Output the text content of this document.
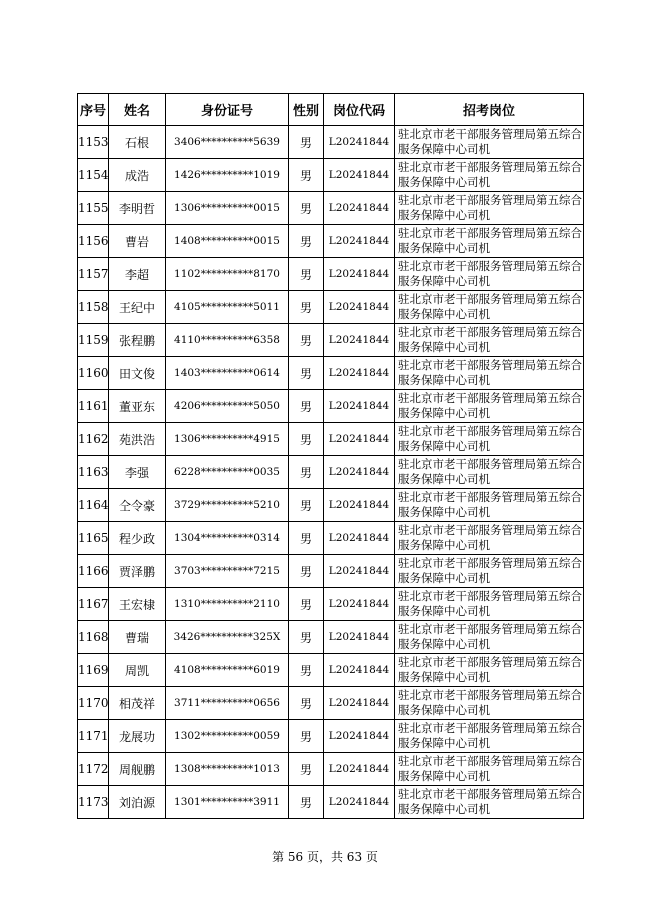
序号	姓名	身份证号	性别	岗位代码	招考岗位
1153	石根	3406**********5639	男	L20241844	驻北京市老干部服务管理局第五综合服务保障中心司机
1154	成浩	1426**********1019	男	L20241844	驻北京市老干部服务管理局第五综合服务保障中心司机
1155	李明哲	1306**********0015	男	L20241844	驻北京市老干部服务管理局第五综合服务保障中心司机
1156	曹岩	1408**********0015	男	L20241844	驻北京市老干部服务管理局第五综合服务保障中心司机
1157	李超	1102**********8170	男	L20241844	驻北京市老干部服务管理局第五综合服务保障中心司机
1158	王纪中	4105**********5011	男	L20241844	驻北京市老干部服务管理局第五综合服务保障中心司机
1159	张程鹏	4110**********6358	男	L20241844	驻北京市老干部服务管理局第五综合服务保障中心司机
1160	田文俊	1403**********0614	男	L20241844	驻北京市老干部服务管理局第五综合服务保障中心司机
1161	董亚东	4206**********5050	男	L20241844	驻北京市老干部服务管理局第五综合服务保障中心司机
1162	苑洪浩	1306**********4915	男	L20241844	驻北京市老干部服务管理局第五综合服务保障中心司机
1163	李强	6228**********0035	男	L20241844	驻北京市老干部服务管理局第五综合服务保障中心司机
1164	仝令豪	3729**********5210	男	L20241844	驻北京市老干部服务管理局第五综合服务保障中心司机
1165	程少政	1304**********0314	男	L20241844	驻北京市老干部服务管理局第五综合服务保障中心司机
1166	贾泽鹏	3703**********7215	男	L20241844	驻北京市老干部服务管理局第五综合服务保障中心司机
1167	王宏棣	1310**********2110	男	L20241844	驻北京市老干部服务管理局第五综合服务保障中心司机
1168	曹瑞	3426**********325X	男	L20241844	驻北京市老干部服务管理局第五综合服务保障中心司机
1169	周凯	4108**********6019	男	L20241844	驻北京市老干部服务管理局第五综合服务保障中心司机
1170	相茂祥	3711**********0656	男	L20241844	驻北京市老干部服务管理局第五综合服务保障中心司机
1171	龙展功	1302**********0059	男	L20241844	驻北京市老干部服务管理局第五综合服务保障中心司机
1172	周舰鹏	1308**********1013	男	L20241844	驻北京市老干部服务管理局第五综合服务保障中心司机
1173	刘泊源	1301**********3911	男	L20241844	驻北京市老干部服务管理局第五综合服务保障中心司机
第 56 页，共 63 页
